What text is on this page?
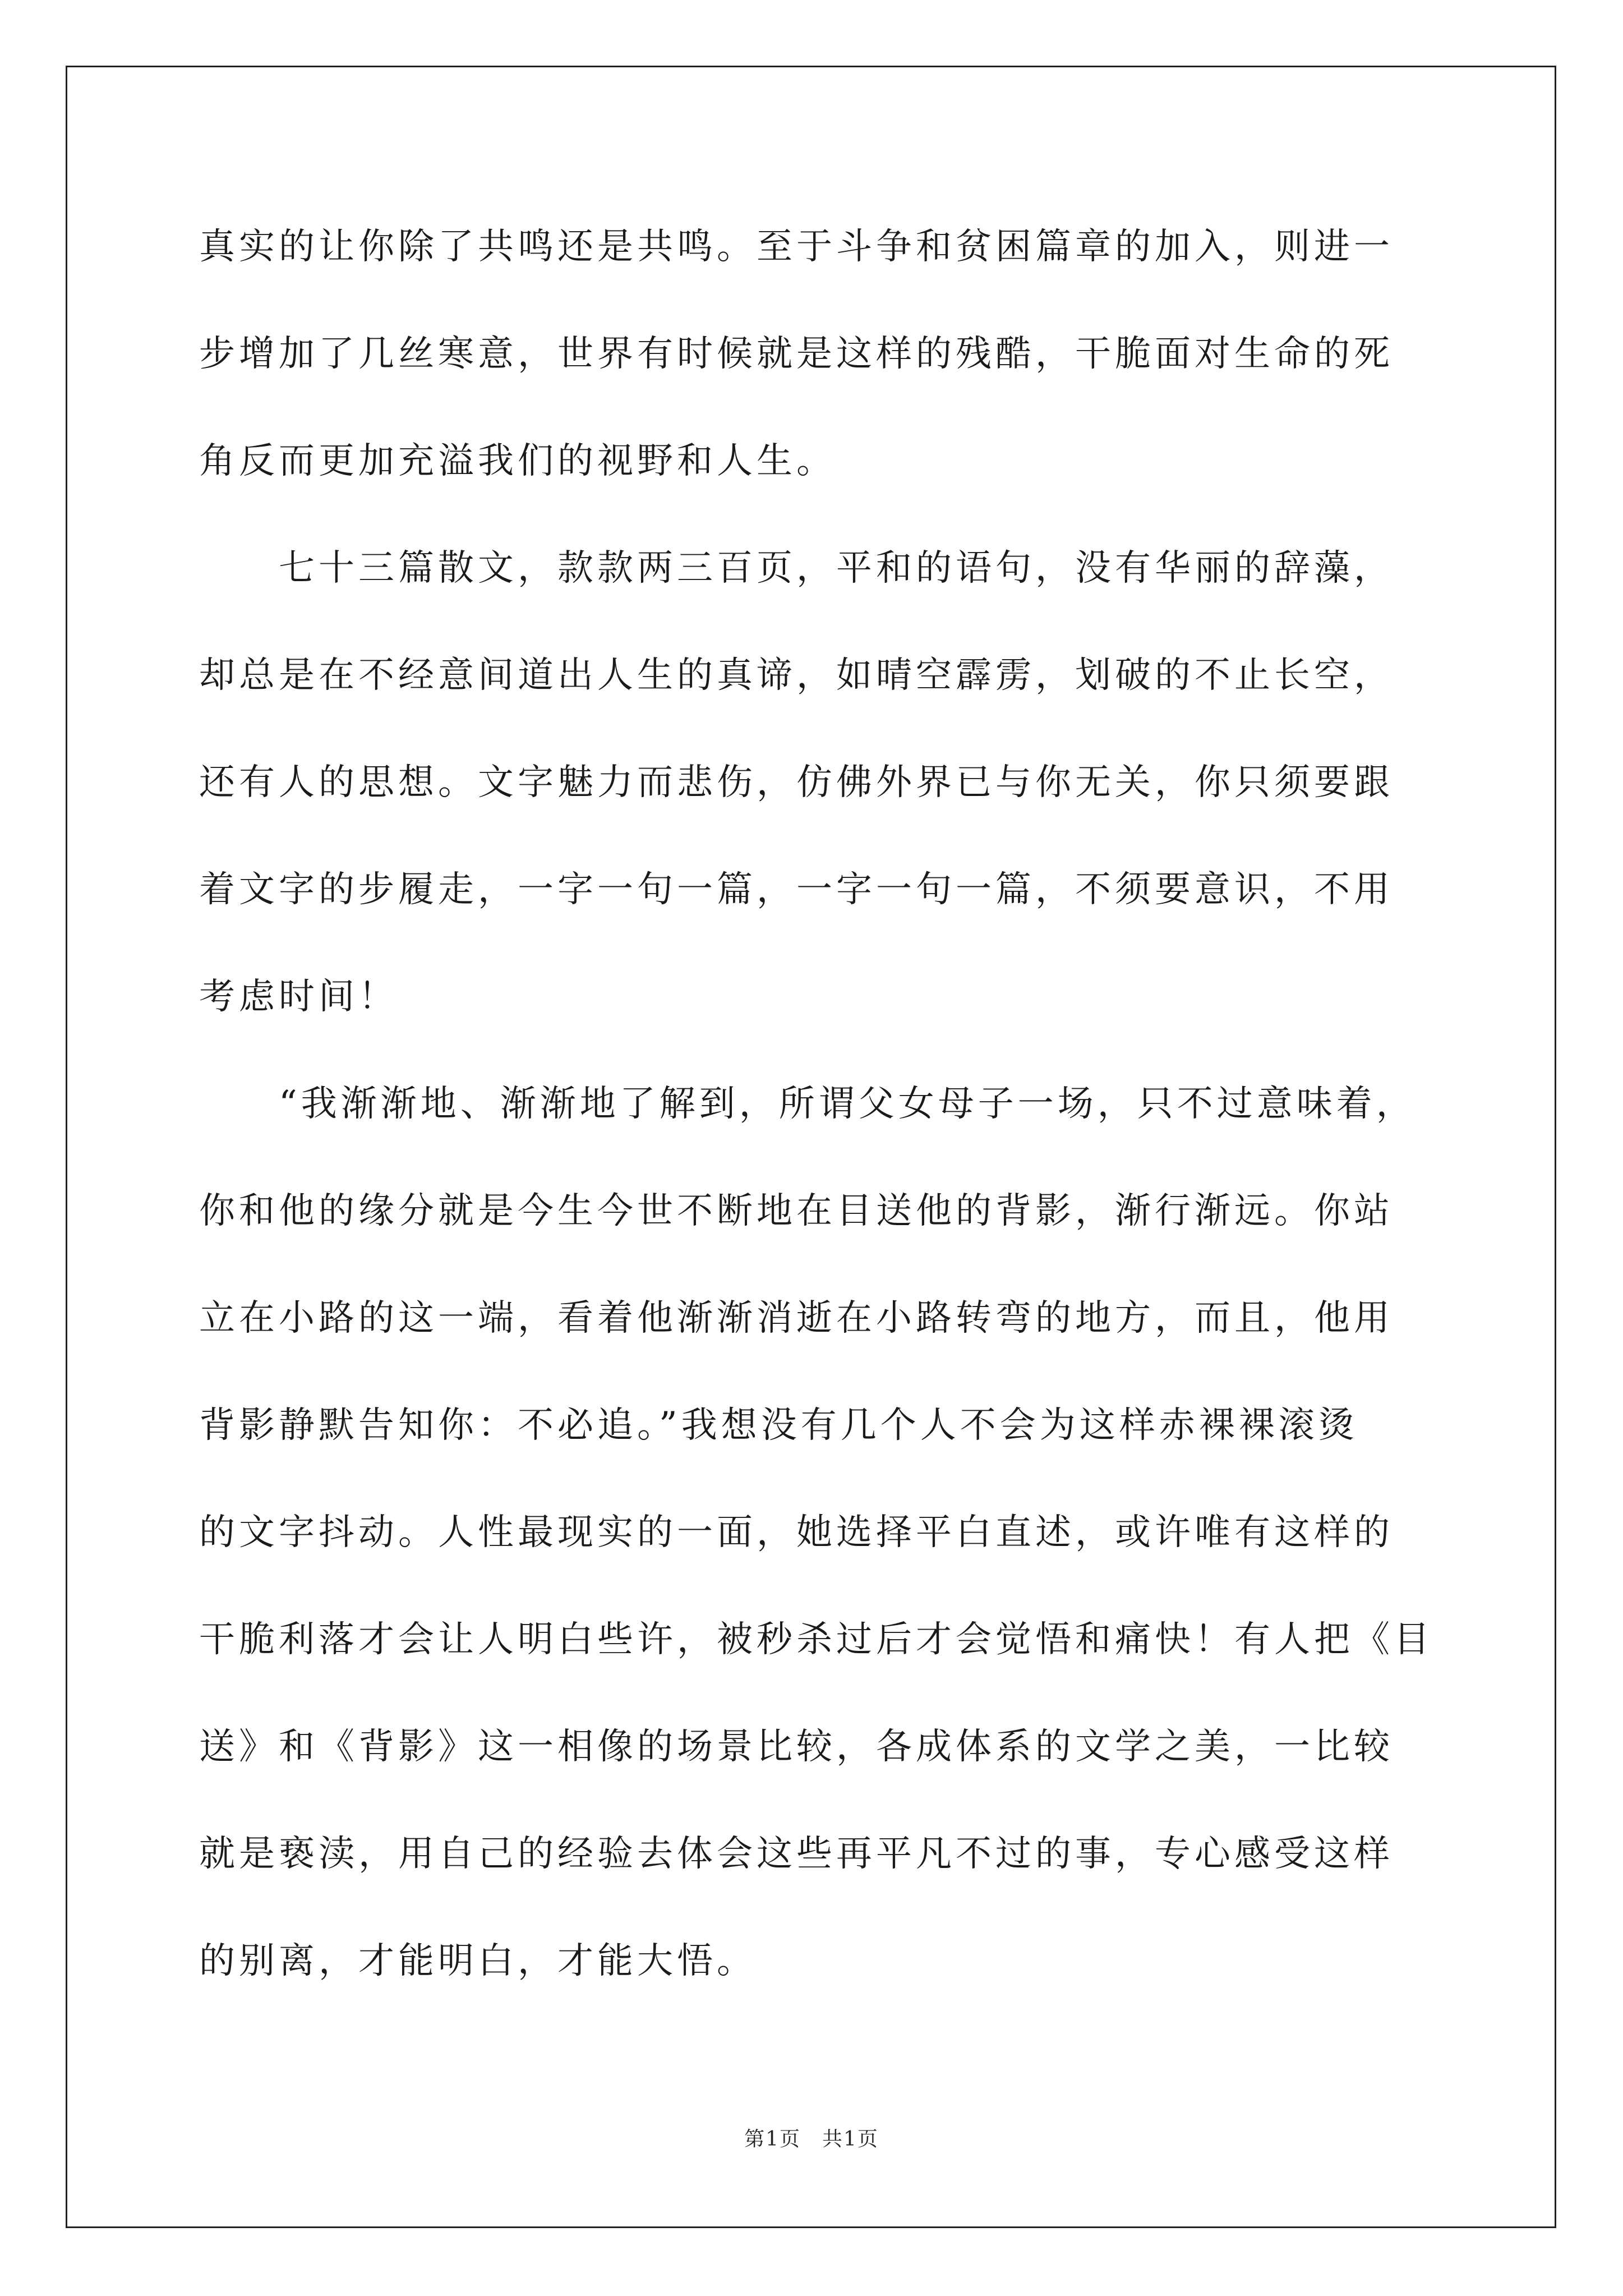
真实的让你除了共鸣还是共鸣。至于斗争和贫困篇章的加入，则进一
步增加了几丝寒意，世界有时候就是这样的残酷，干脆面对生命的死
角反而更加充溢我们的视野和人生。
　　七十三篇散文，款款两三百页，平和的语句，没有华丽的辞藻，
却总是在不经意间道出人生的真谛，如晴空霹雳，划破的不止长空，
还有人的思想。文字魅力而悲伤，仿佛外界已与你无关，你只须要跟
着文字的步履走，一字一句一篇，一字一句一篇，不须要意识，不用
考虑时间！
　　“我渐渐地、渐渐地了解到，所谓父女母子一场，只不过意味着，
你和他的缘分就是今生今世不断地在目送他的背影，渐行渐远。你站
立在小路的这一端，看着他渐渐消逝在小路转弯的地方，而且，他用
背影静默告知你：不必追。”我想没有几个人不会为这样赤裸裸滚烫
的文字抖动。人性最现实的一面，她选择平白直述，或许唯有这样的
干脆利落才会让人明白些许，被秒杀过后才会觉悟和痛快！有人把《目
送》和《背影》这一相像的场景比较，各成体系的文学之美，一比较
就是亵渎，用自己的经验去体会这些再平凡不过的事，专心感受这样
的别离，才能明白，才能大悟。
第1页　共1页
